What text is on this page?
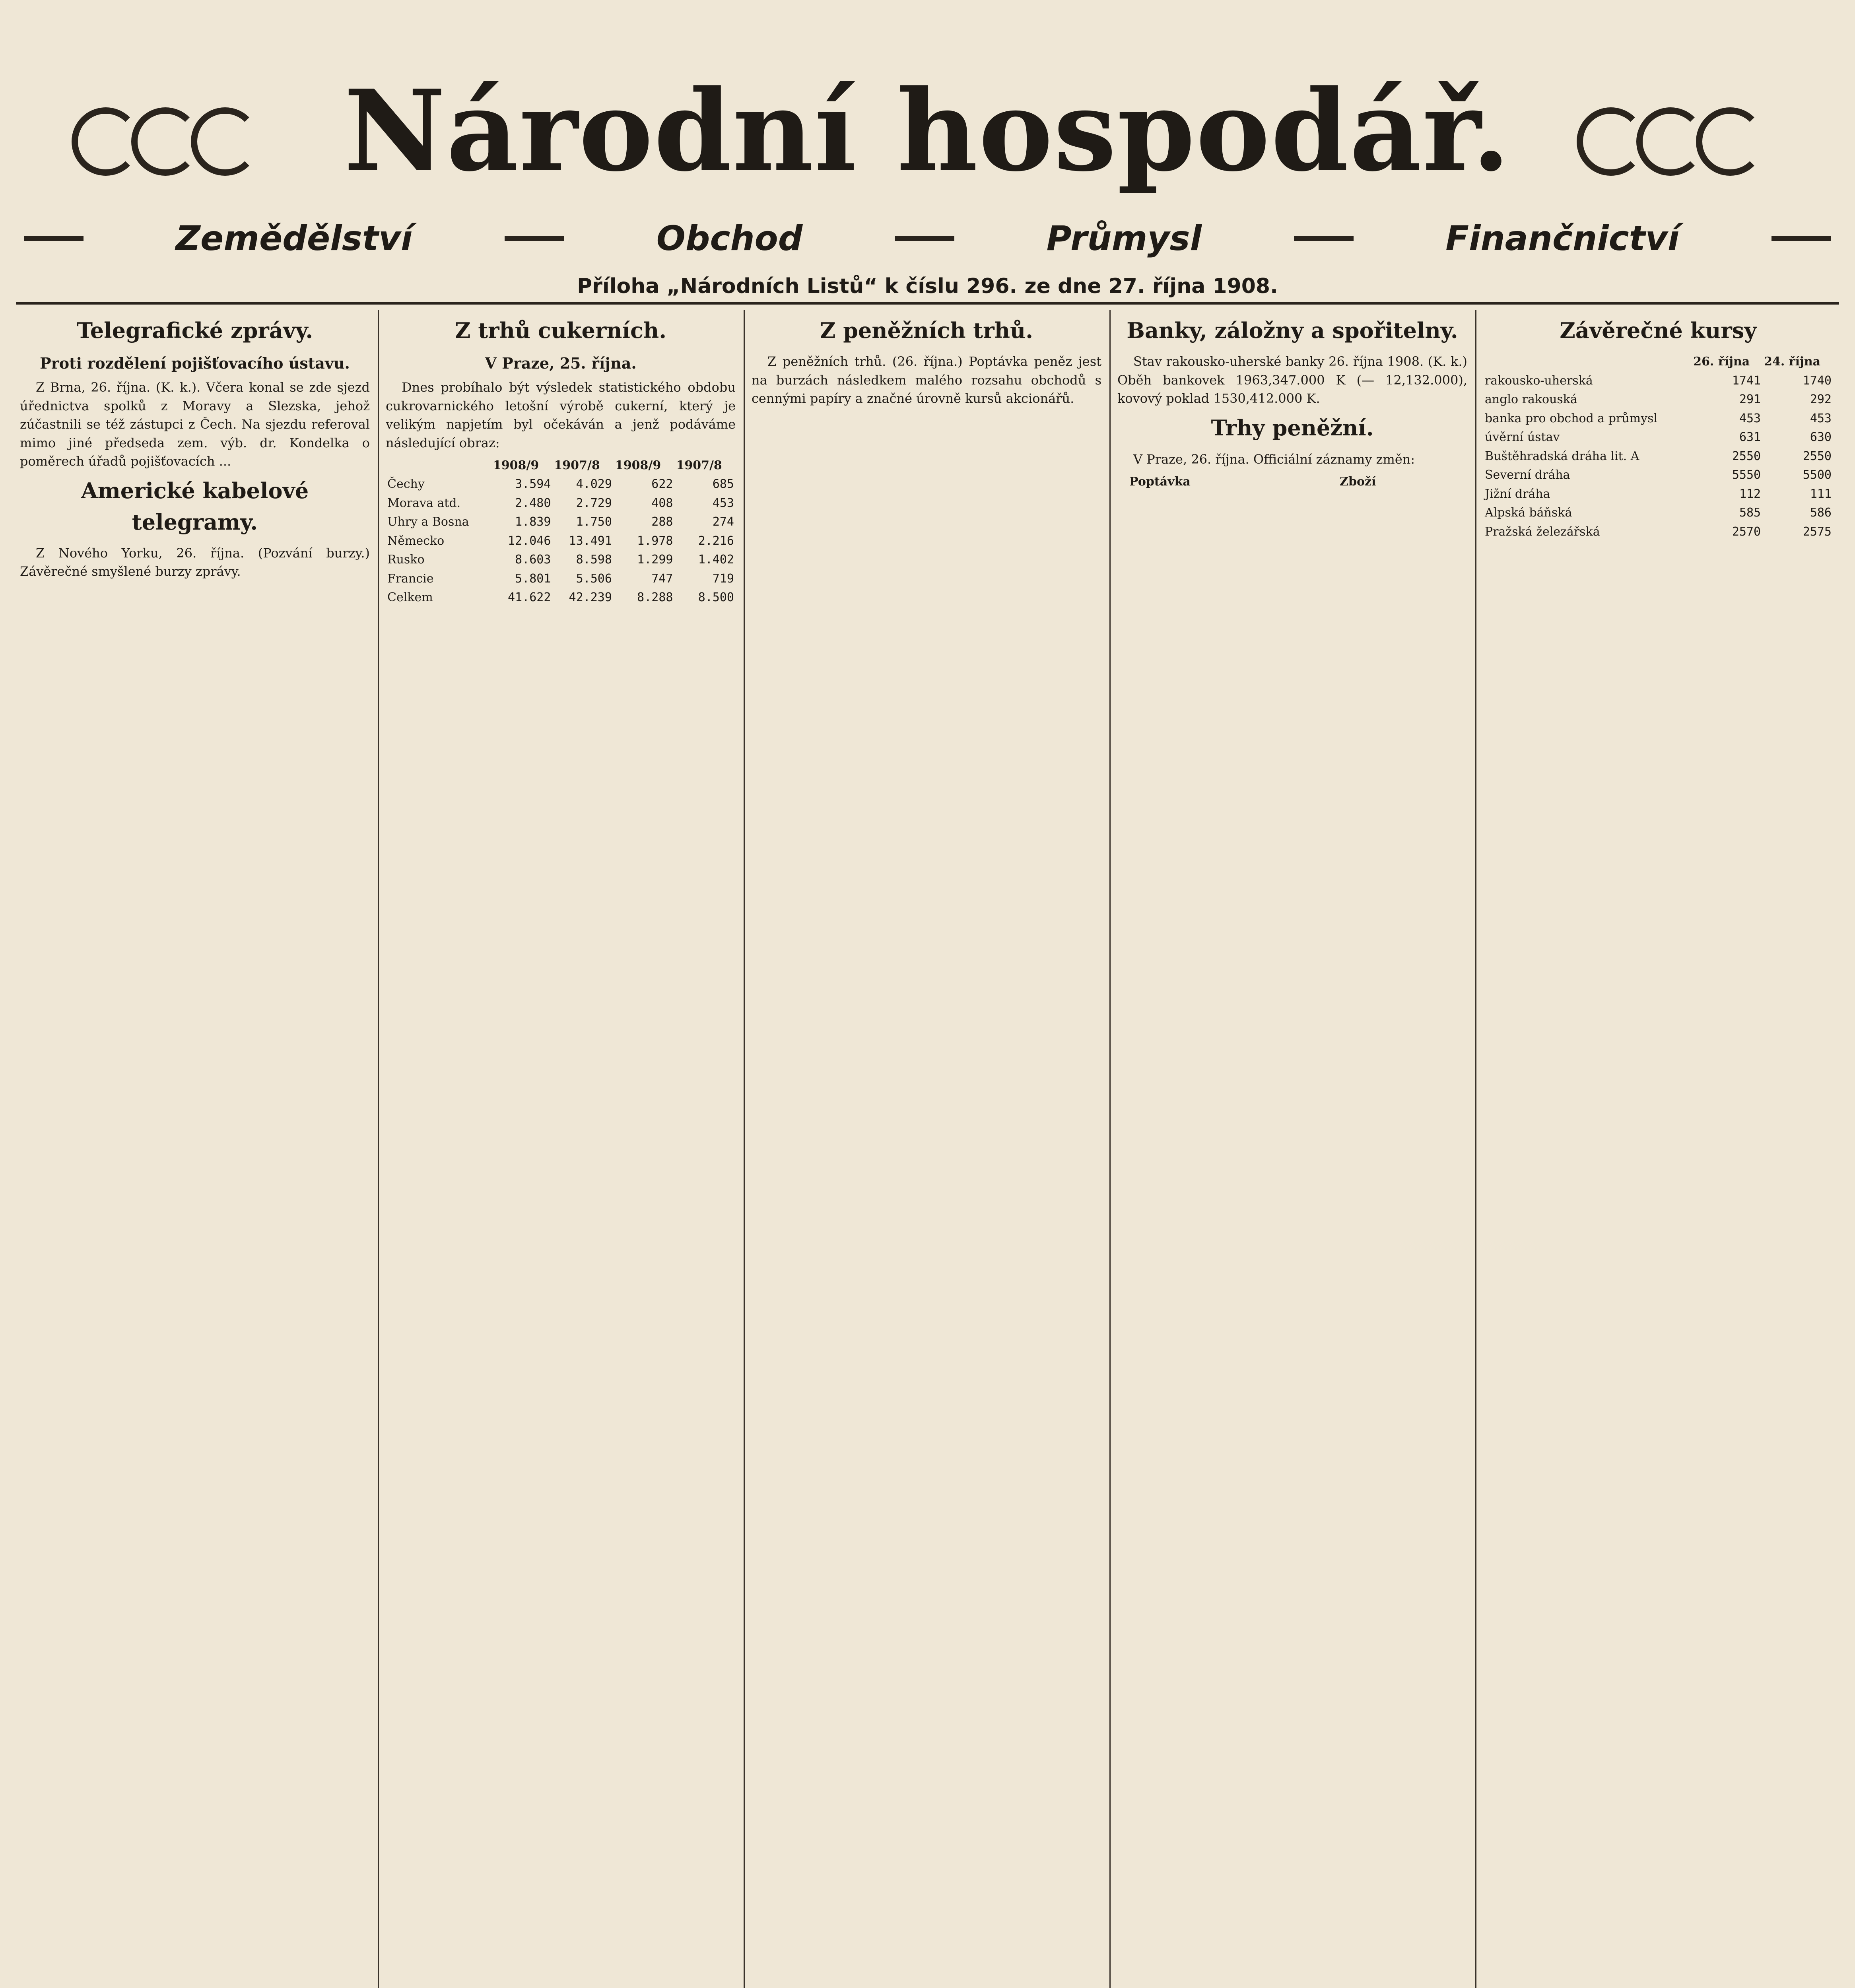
Národní hospodář.
Zemědělství	Obchod	Průmysl	Finančnictví
Příloha „Národních Listů“ k číslu 296. ze dne 27. října 1908.
Telegrafické zprávy.
Proti rozdělení pojišťovacího ústavu.

Z Brna, 26. října. (K. k.). Včera konal se zde sjezd úřednictva spolků z Moravy a Slezska, jehož zúčastnili se též zástupci z Čech. Na sjezdu referoval mimo jiné předseda zem. výb. dr. Kondelka o poměrech úřadů pojišťovacích ...

Americké kabelové telegramy.

Z Nového Yorku, 26. října. (Pozvání burzy.) Závěrečné smyšlené burzy zprávy.

Z trhů cukerních.
V Praze, 25. října.

Dnes probíhalo být výsledek statistického obdobu cukrovarnického letošní výrobě cukerní, který je velikým napjetím byl očekáván a jenž podáváme následující obraz:

	1908/9	1907/8	1908/9	1907/8
Čechy	3.594	4.029	622	685
Morava atd.	2.480	2.729	408	453
Uhry a Bosna	1.839	1.750	288	274
Německo	12.046	13.491	1.978	2.216
Rusko	8.603	8.598	1.299	1.402
Francie	5.801	5.506	747	719
Celkem	41.622	42.239	8.288	8.500
Z peněžních trhů.

Z peněžních trhů. (26. října.) Poptávka peněz jest na burzách následkem malého rozsahu obchodů s cennými papíry a značné úrovně kursů akcionářů.

Banky, záložny a spořitelny.

Stav rakousko-uherské banky 26. října 1908. (K. k.) Oběh bankovek 1963,347.000 K (— 12,132.000), kovový poklad 1530,412.000 K.

Trhy peněžní.

V Praze, 26. října. Officiální záznamy změn:

	Poptávka	Zboží
Závěrečné kursy
	26. října	24. října
rakousko-uherská	1741	1740
anglo rakouská	291	292
banka pro obchod a průmysl	453	453
úvěrní ústav	631	630
Buštěhradská dráha lit. A	2550	2550
Severní dráha	5550	5500
Jižní dráha	112	111
Alpská báňská	585	586
Pražská železářská	2570	2575
